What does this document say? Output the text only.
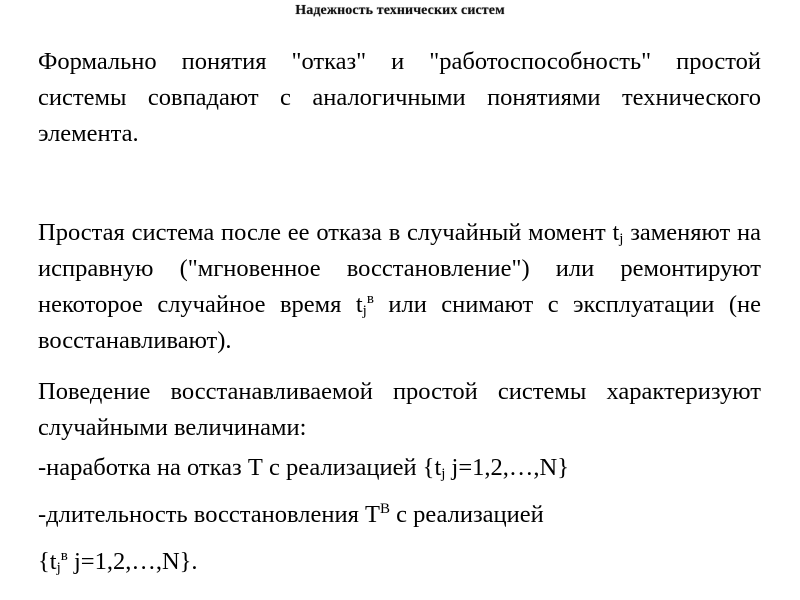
Надежность технических систем

Формально понятия "отказ" и "работоспособность" простой системы совпадают с аналогичными понятиями технического элемента.

Простая система после ее отказа в случайный момент $t_j$ заменяют на исправную ("мгновенное восстановление") или ремонтируют некоторое случайное время $t_j^в$ или снимают с эксплуатации (не восстанавливают).

Поведение восстанавливаемой простой системы характеризуют случайными величинами:

-наработка на отказ Т с реализацией {$t_j$ j=1,2,…,N}
-длительность восстановления $Т^В$ с реализацией
{$t_j^в$ j=1,2,…,N}.
